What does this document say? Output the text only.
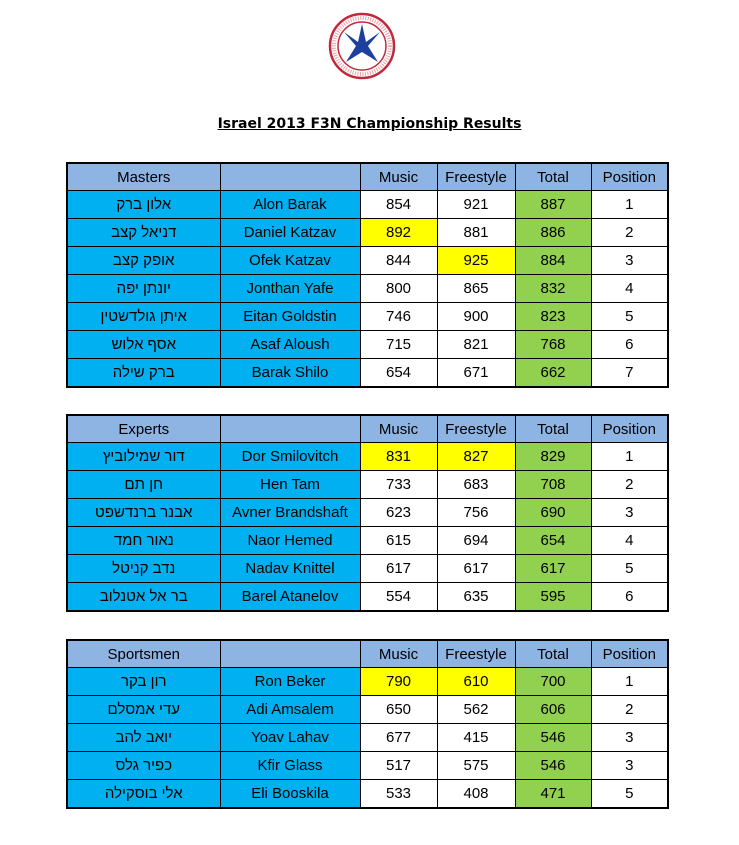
Israel 2013 F3N Championship Results
Masters		Music	Freestyle	Total	Position
אלון ברק	Alon Barak	854	921	887	1
דניאל קצב	Daniel Katzav	892	881	886	2
אופק קצב	Ofek Katzav	844	925	884	3
יונתן יפה	Jonthan Yafe	800	865	832	4
איתן גולדשטין	Eitan Goldstin	746	900	823	5
אסף אלוש	Asaf Aloush	715	821	768	6
ברק שילה	Barak Shilo	654	671	662	7
Experts		Music	Freestyle	Total	Position
דור שמילוביץ	Dor Smilovitch	831	827	829	1
חן תם	Hen Tam	733	683	708	2
אבנר ברנדשפט	Avner Brandshaft	623	756	690	3
נאור חמד	Naor Hemed	615	694	654	4
נדב קניטל	Nadav Knittel	617	617	617	5
בר אל אטנלוב	Barel Atanelov	554	635	595	6
Sportsmen		Music	Freestyle	Total	Position
רון בקר	Ron Beker	790	610	700	1
עדי אמסלם	Adi Amsalem	650	562	606	2
יואב להב	Yoav Lahav	677	415	546	3
כפיר גלס	Kfir Glass	517	575	546	3
אלי בוסקילה	Eli Booskila	533	408	471	5
